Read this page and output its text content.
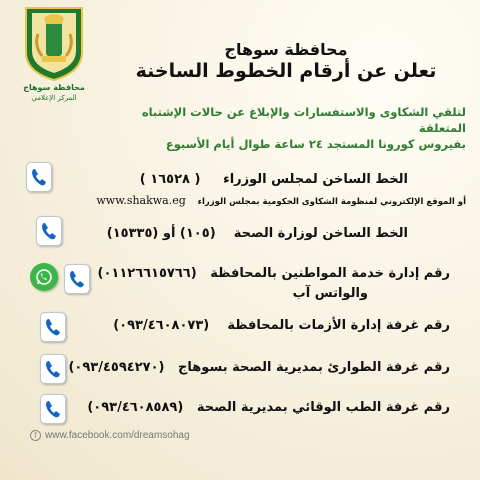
محافظة سوهاج
المركز الإعلامي
محافظة سوهاج
تعلن عن أرقام الخطوط الساخنة
لتلقي الشكاوى والاستفسارات والإبلاغ عن حالات الإشتباه المتعلقة
بفيروس كورونا المستجد ٢٤ ساعة طوال أيام الأسبوع
الخط الساخن لمجلس الوزراء     ( ١٦٥٢٨ )
أو الموقع الإلكتروني لمنظومة الشكاوى الحكومية بمجلس الوزراء    www.shakwa.eg
الخط الساخن لوزارة الصحة    (١٠٥) أو (١٥٣٣٥)
رقم إدارة خدمة المواطنين بالمحافظة   (٠١١٢٦٦١٥٧٦٦)
والواتس آب
رقم غرفة إدارة الأزمات بالمحافظة    (٠٩٣/٤٦٠٨٠٧٣)
رقم غرفة الطوارئ بمديرية الصحة بسوهاج   (٠٩٣/٤٥٩٤٢٧٠)
رقم غرفة الطب الوقائي بمديرية الصحة   (٠٩٣/٤٦٠٨٥٨٩)
f www.facebook.com/dreamsohag
